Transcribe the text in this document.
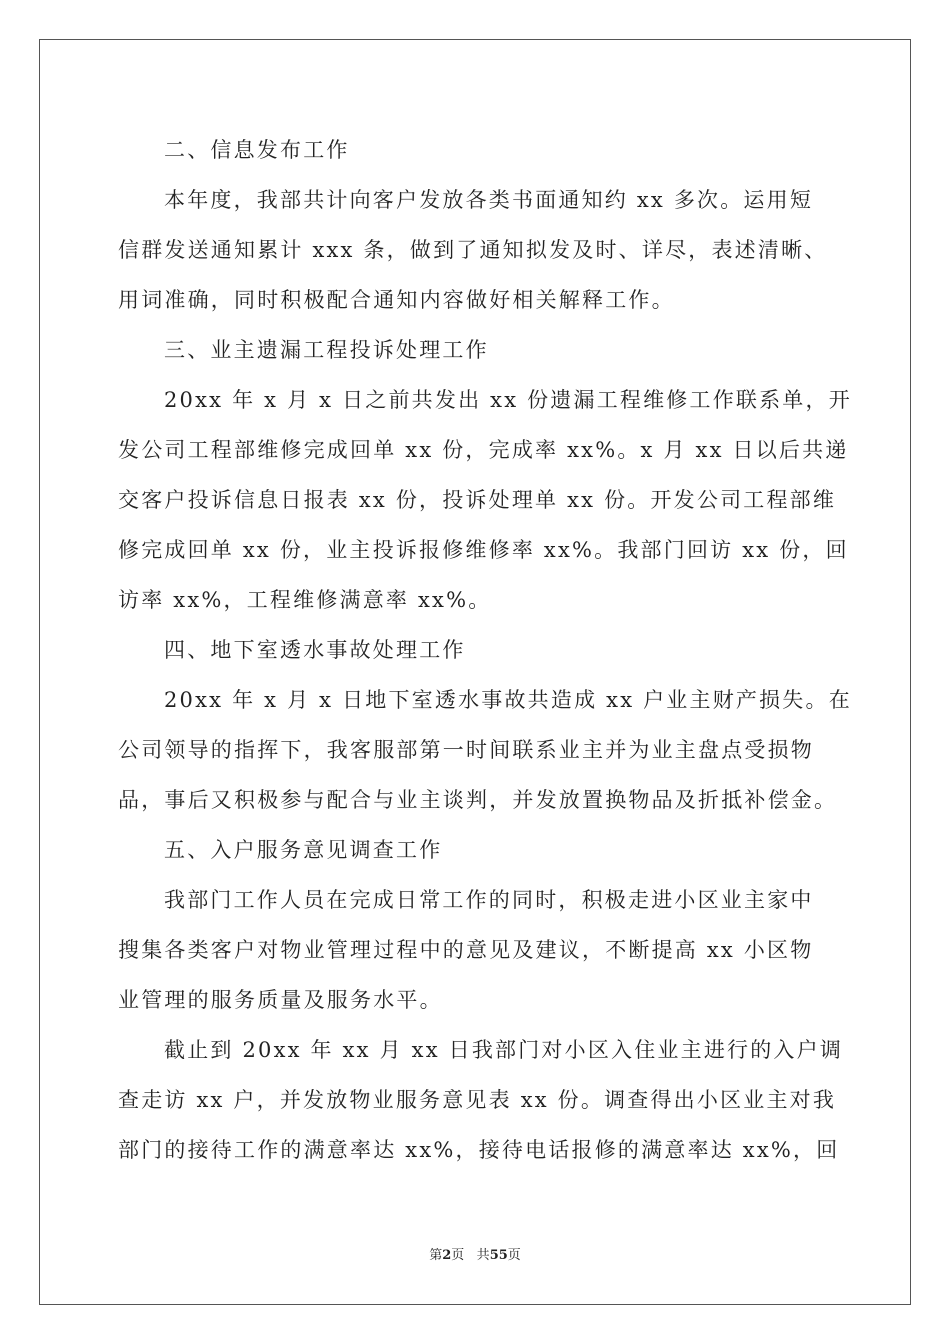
二、信息发布工作
本年度，我部共计向客户发放各类书面通知约 xx 多次。运用短
信群发送通知累计 xxx 条，做到了通知拟发及时、详尽，表述清晰、
用词准确，同时积极配合通知内容做好相关解释工作。
三、业主遗漏工程投诉处理工作
20xx 年 x 月 x 日之前共发出 xx 份遗漏工程维修工作联系单，开
发公司工程部维修完成回单 xx 份，完成率 xx%。x 月 xx 日以后共递
交客户投诉信息日报表 xx 份，投诉处理单 xx 份。开发公司工程部维
修完成回单 xx 份，业主投诉报修维修率 xx%。我部门回访 xx 份，回
访率 xx%，工程维修满意率 xx%。
四、地下室透水事故处理工作
20xx 年 x 月 x 日地下室透水事故共造成 xx 户业主财产损失。在
公司领导的指挥下，我客服部第一时间联系业主并为业主盘点受损物
品，事后又积极参与配合与业主谈判，并发放置换物品及折抵补偿金。
五、入户服务意见调查工作
我部门工作人员在完成日常工作的同时，积极走进小区业主家中
搜集各类客户对物业管理过程中的意见及建议，不断提高 xx 小区物
业管理的服务质量及服务水平。
截止到 20xx 年 xx 月 xx 日我部门对小区入住业主进行的入户调
查走访 xx 户，并发放物业服务意见表 xx 份。调查得出小区业主对我
部门的接待工作的满意率达 xx%，接待电话报修的满意率达 xx%，回
第2页 共55页
